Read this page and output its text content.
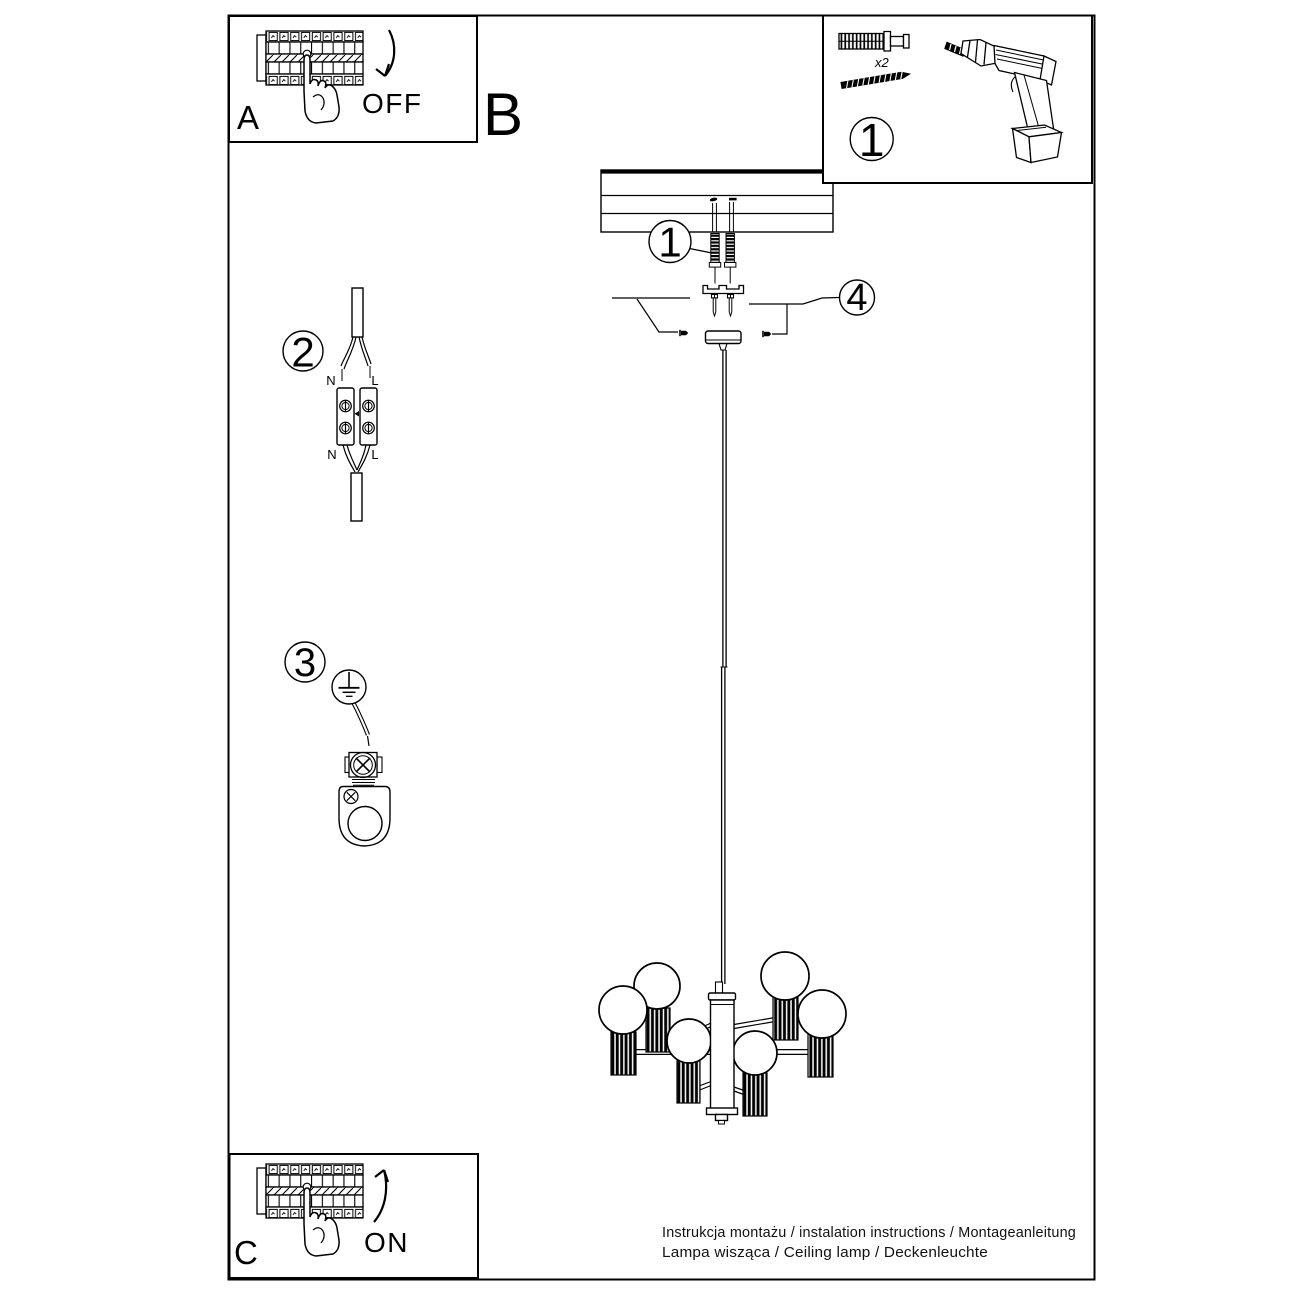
1
4
x2
1
A	OFF B
2
N	L
N	L
3
C	ON	Instrukcja montażu / instalation instructions / Montageanleitung
Lampa wisząca / Ceiling lamp / Deckenleuchte
